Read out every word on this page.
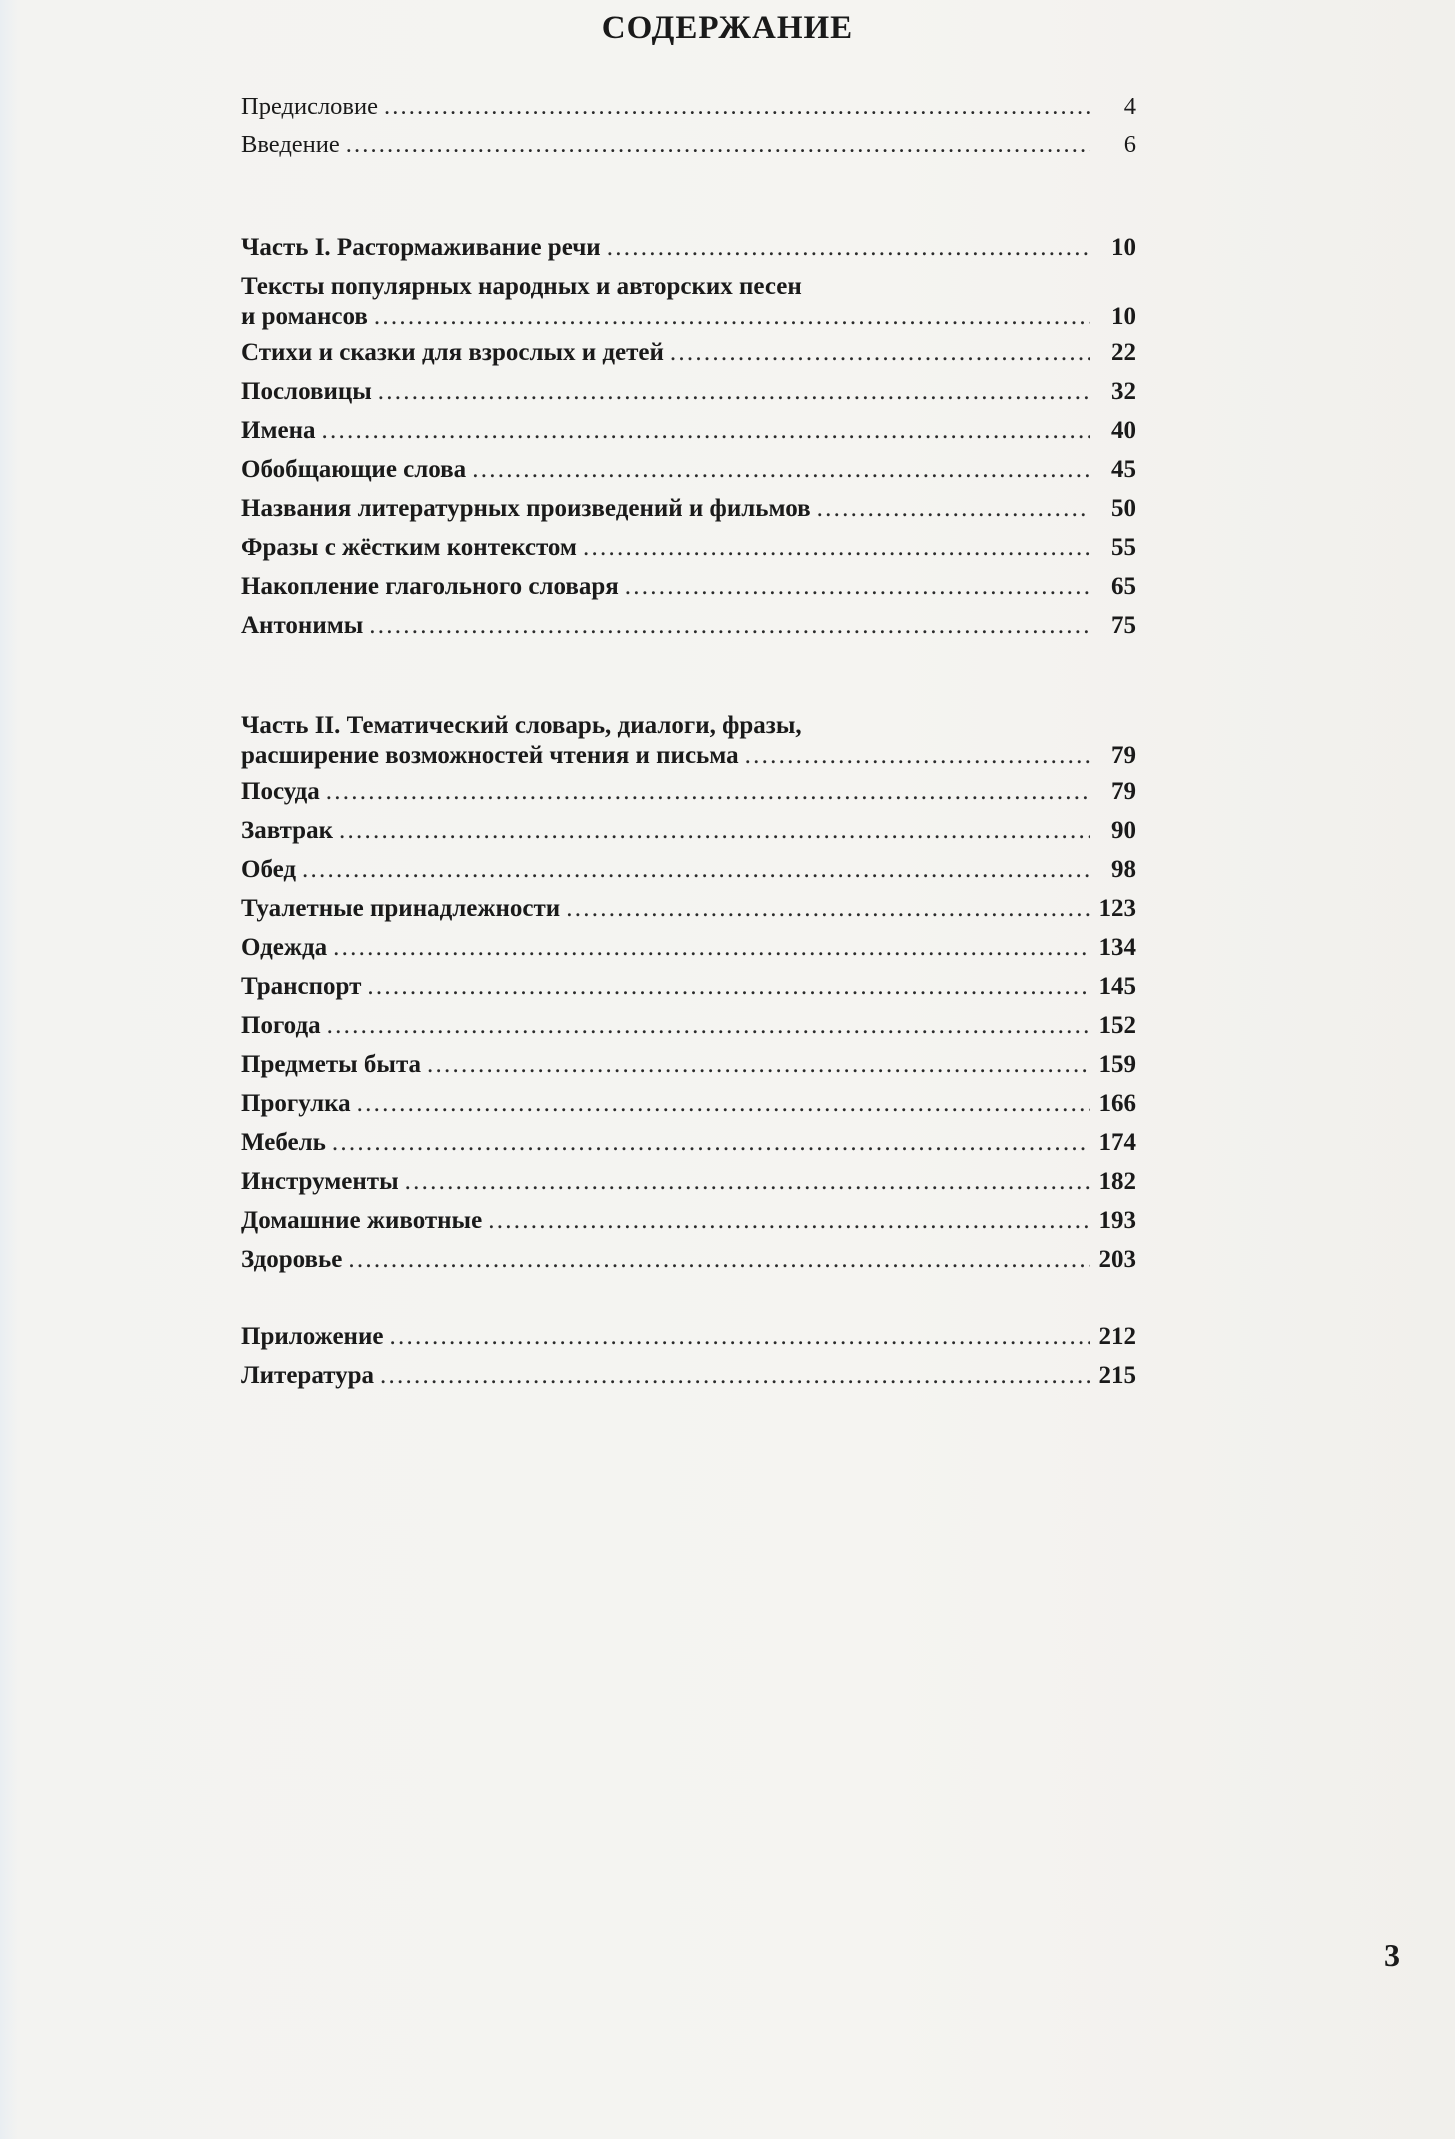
СОДЕРЖАНИЕ
Предисловие . . .	4
Введение . . .	6
Часть I. Растормаживание речи . . .	10
Тексты популярных народных и авторских песен
и романсов . . .	10
Стихи и сказки для взрослых и детей . . .	22
Пословицы . . .	32
Имена . . .	40
Обобщающие слова . . .	45
Названия литературных произведений и фильмов . . .	50
Фразы с жёстким контекстом . . .	55
Накопление глагольного словаря . . .	65
Антонимы . . .	75
Часть II. Тематический словарь, диалоги, фразы,
расширение возможностей чтения и письма . . .	79
Посуда . . .	79
Завтрак . . .	90
Обед . . .	98
Туалетные принадлежности . . .	123
Одежда . . .	134
Транспорт . . .	145
Погода . . .	152
Предметы быта . . .	159
Прогулка . . .	166
Мебель . . .	174
Инструменты . . .	182
Домашние животные . . .	193
Здоровье . . .	203
Приложение . . .	212
Литература . . .	215
3
